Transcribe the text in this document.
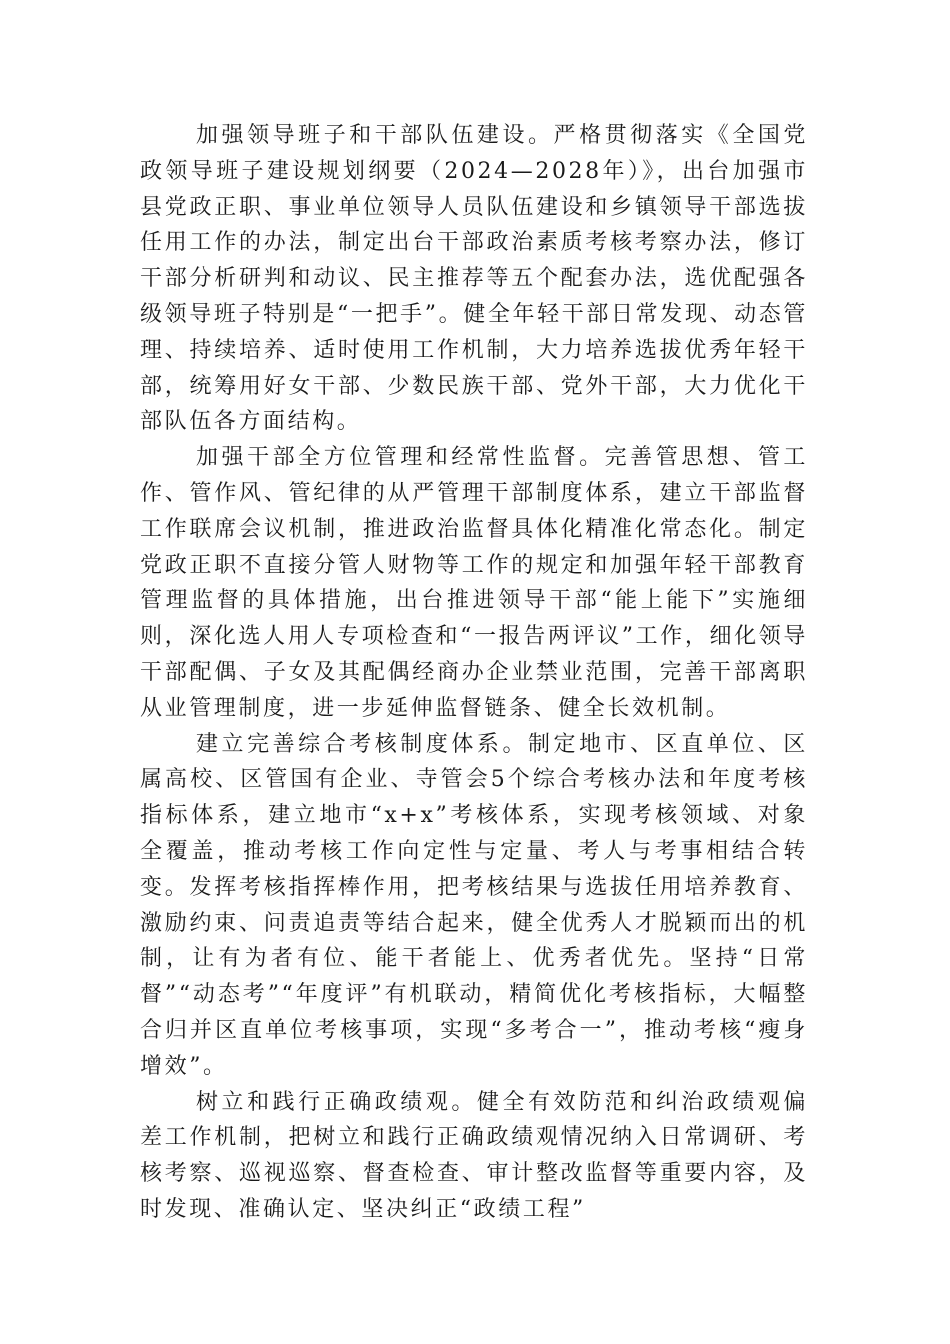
加强领导班子和干部队伍建设。严格贯彻落实《全国党政领导班子建设规划纲要（2024—2028年）》，出台加强市县党政正职、事业单位领导人员队伍建设和乡镇领导干部选拔任用工作的办法，制定出台干部政治素质考核考察办法，修订干部分析研判和动议、民主推荐等五个配套办法，选优配强各级领导班子特别是“一把手”。健全年轻干部日常发现、动态管理、持续培养、适时使用工作机制，大力培养选拔优秀年轻干部，统筹用好女干部、少数民族干部、党外干部，大力优化干部队伍各方面结构。

加强干部全方位管理和经常性监督。完善管思想、管工作、管作风、管纪律的从严管理干部制度体系，建立干部监督工作联席会议机制，推进政治监督具体化精准化常态化。制定党政正职不直接分管人财物等工作的规定和加强年轻干部教育管理监督的具体措施，出台推进领导干部“能上能下”实施细则，深化选人用人专项检查和“一报告两评议”工作，细化领导干部配偶、子女及其配偶经商办企业禁业范围，完善干部离职从业管理制度，进一步延伸监督链条、健全长效机制。

建立完善综合考核制度体系。制定地市、区直单位、区属高校、区管国有企业、寺管会5个综合考核办法和年度考核指标体系，建立地市“x+x”考核体系，实现考核领域、对象全覆盖，推动考核工作向定性与定量、考人与考事相结合转变。发挥考核指挥棒作用，把考核结果与选拔任用培养教育、激励约束、问责追责等结合起来，健全优秀人才脱颖而出的机制，让有为者有位、能干者能上、优秀者优先。坚持“日常督”“动态考”“年度评”有机联动，精简优化考核指标，大幅整合归并区直单位考核事项，实现“多考合一”，推动考核“瘦身增效”。

树立和践行正确政绩观。健全有效防范和纠治政绩观偏差工作机制，把树立和践行正确政绩观情况纳入日常调研、考核考察、巡视巡察、督查检查、审计整改监督等重要内容，及时发现、准确认定、坚决纠正“政绩工程”
